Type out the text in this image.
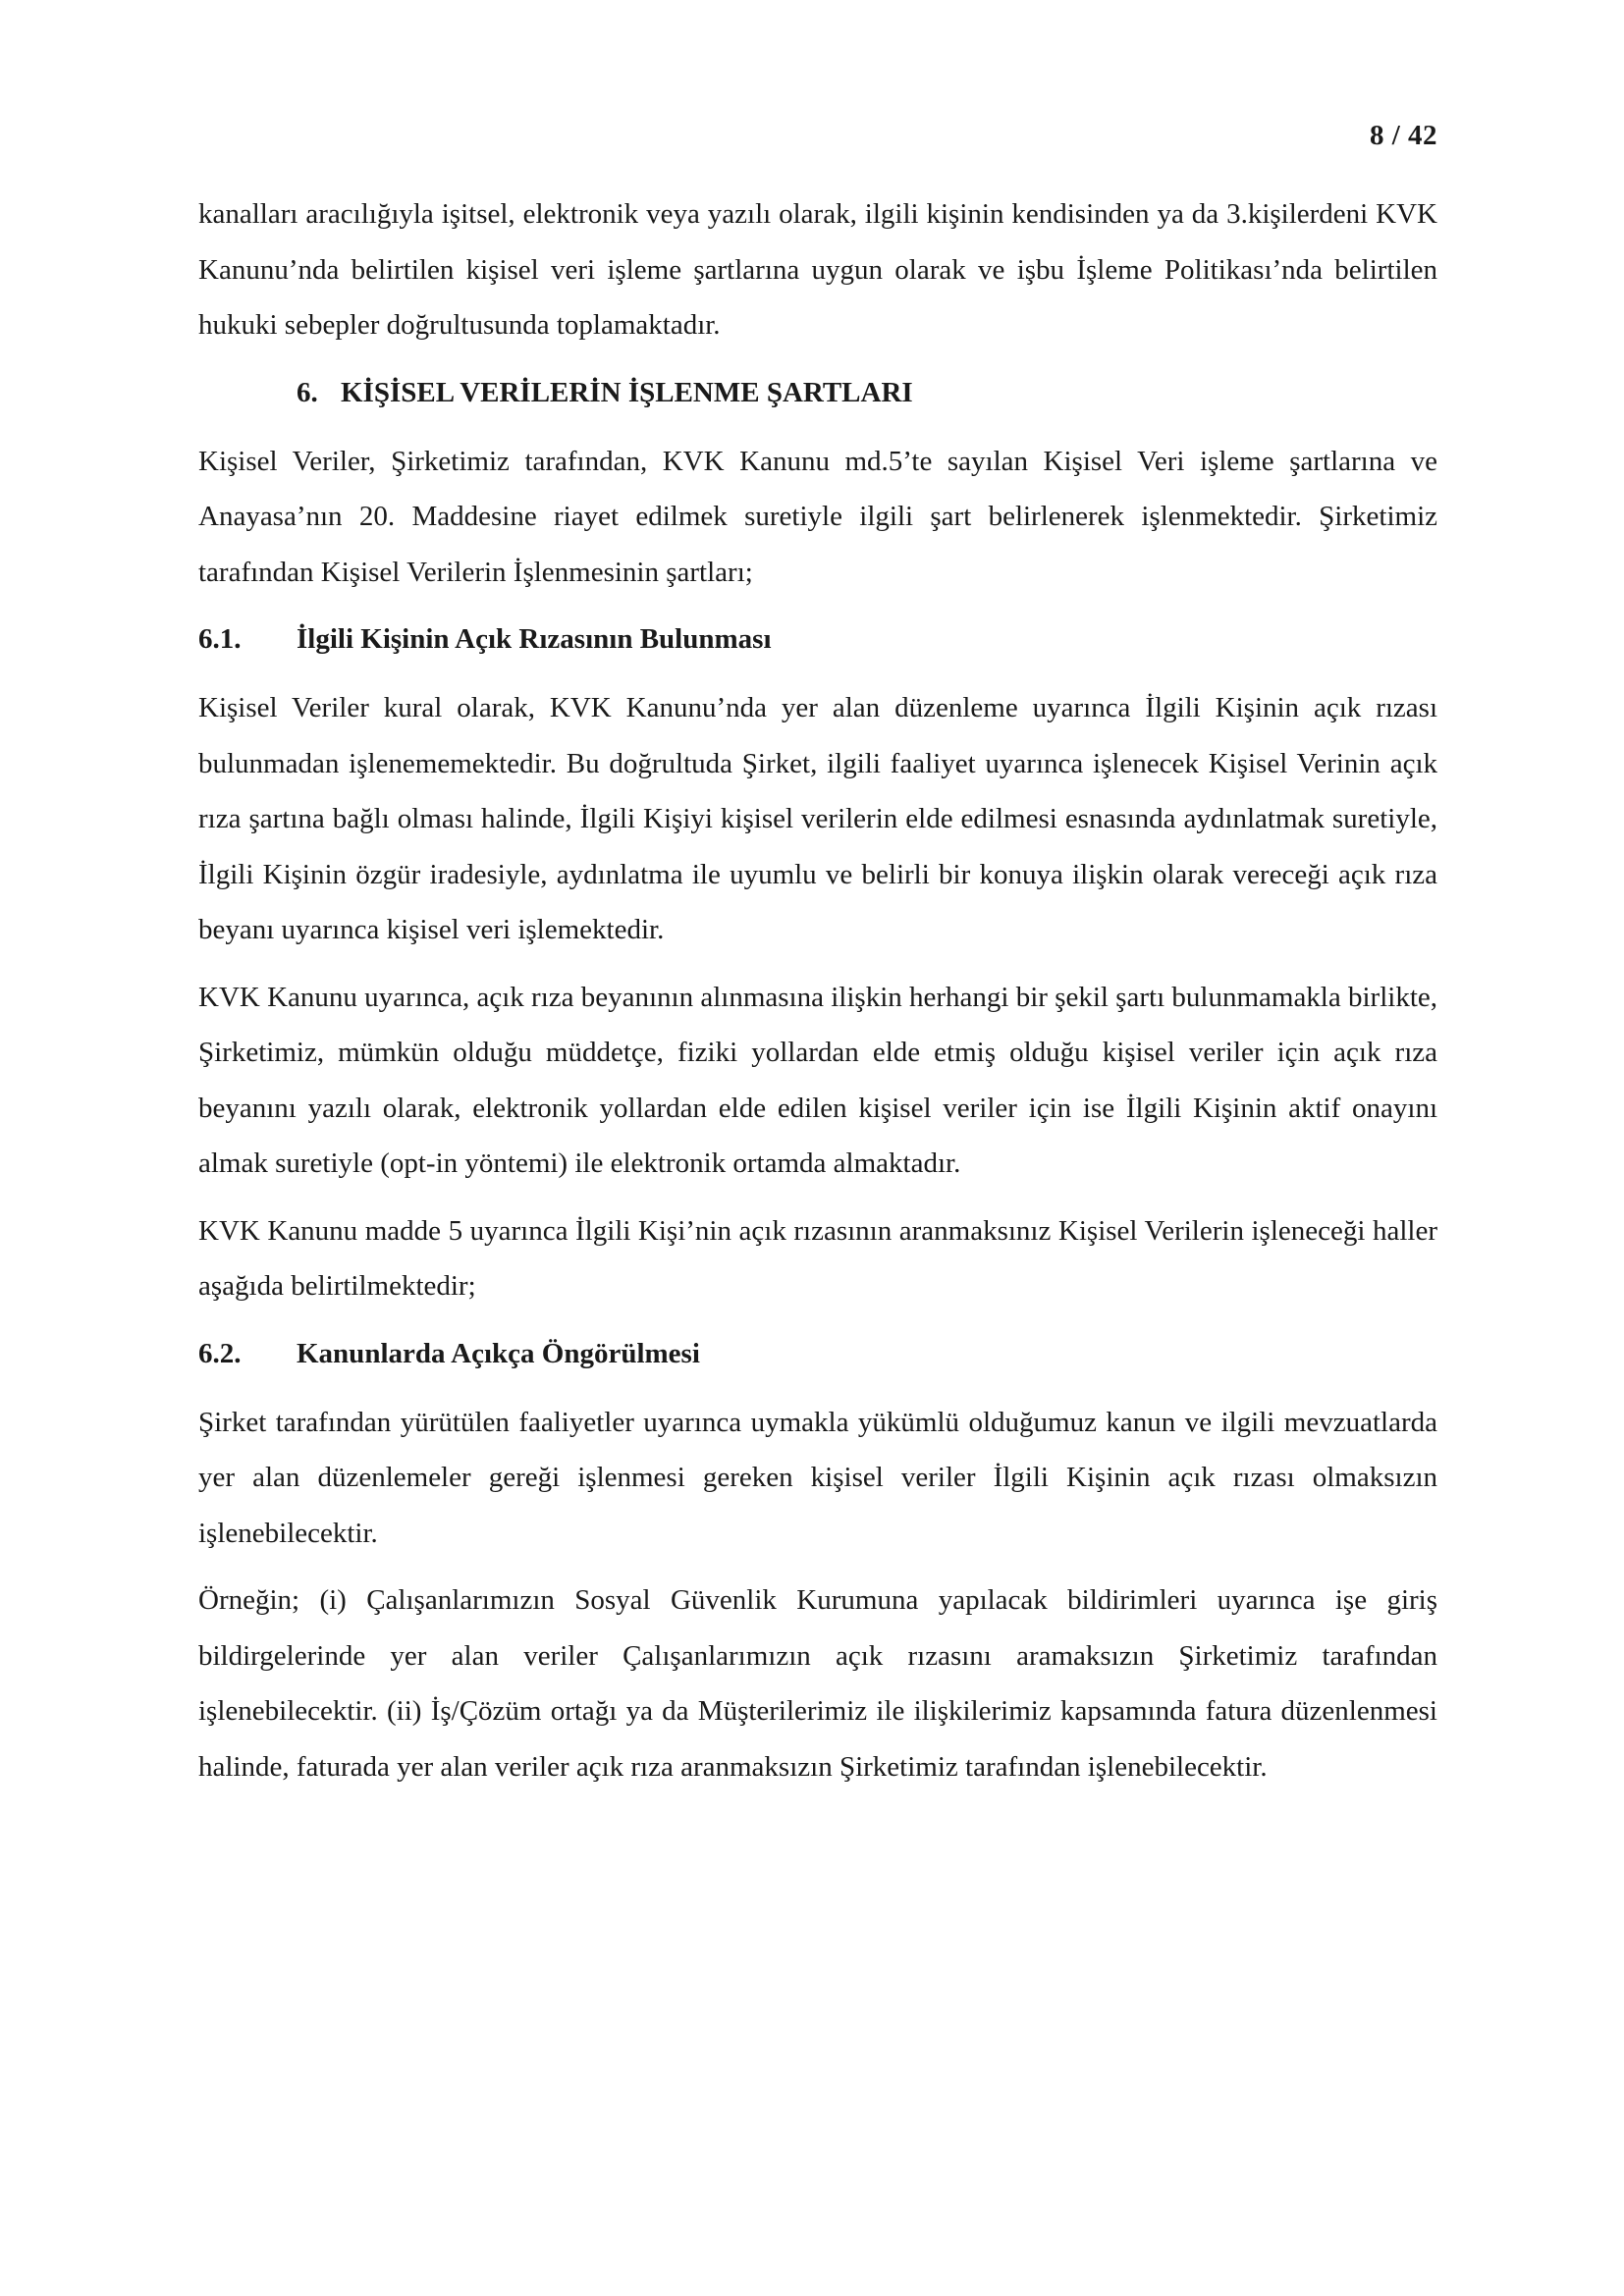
8 / 42

kanalları aracılığıyla işitsel, elektronik veya yazılı olarak, ilgili kişinin kendisinden ya da 3.kişilerdeni KVK Kanunu’nda belirtilen kişisel veri işleme şartlarına uygun olarak ve işbu İşleme Politikası’nda belirtilen hukuki sebepler doğrultusunda toplamaktadır.

6. KİŞİSEL VERİLERİN İŞLENME ŞARTLARI

Kişisel Veriler, Şirketimiz tarafından, KVK Kanunu md.5’te sayılan Kişisel Veri işleme şartlarına ve Anayasa’nın 20. Maddesine riayet edilmek suretiyle ilgili şart belirlenerek işlenmektedir. Şirketimiz tarafından Kişisel Verilerin İşlenmesinin şartları;

6.1. İlgili Kişinin Açık Rızasının Bulunması

Kişisel Veriler kural olarak, KVK Kanunu’nda yer alan düzenleme uyarınca İlgili Kişinin açık rızası bulunmadan işlenememektedir. Bu doğrultuda Şirket, ilgili faaliyet uyarınca işlenecek Kişisel Verinin açık rıza şartına bağlı olması halinde, İlgili Kişiyi kişisel verilerin elde edilmesi esnasında aydınlatmak suretiyle, İlgili Kişinin özgür iradesiyle, aydınlatma ile uyumlu ve belirli bir konuya ilişkin olarak vereceği açık rıza beyanı uyarınca kişisel veri işlemektedir.

KVK Kanunu uyarınca, açık rıza beyanının alınmasına ilişkin herhangi bir şekil şartı bulunmamakla birlikte, Şirketimiz, mümkün olduğu müddetçe, fiziki yollardan elde etmiş olduğu kişisel veriler için açık rıza beyanını yazılı olarak, elektronik yollardan elde edilen kişisel veriler için ise İlgili Kişinin aktif onayını almak suretiyle (opt-in yöntemi) ile elektronik ortamda almaktadır.

KVK Kanunu madde 5 uyarınca İlgili Kişi’nin açık rızasının aranmaksınız Kişisel Verilerin işleneceği haller aşağıda belirtilmektedir;

6.2. Kanunlarda Açıkça Öngörülmesi

Şirket tarafından yürütülen faaliyetler uyarınca uymakla yükümlü olduğumuz kanun ve ilgili mevzuatlarda yer alan düzenlemeler gereği işlenmesi gereken kişisel veriler İlgili Kişinin açık rızası olmaksızın işlenebilecektir.

Örneğin; (i) Çalışanlarımızın Sosyal Güvenlik Kurumuna yapılacak bildirimleri uyarınca işe giriş bildirgelerinde yer alan veriler Çalışanlarımızın açık rızasını aramaksızın Şirketimiz tarafından işlenebilecektir. (ii) İş/Çözüm ortağı ya da Müşterilerimiz ile ilişkilerimiz kapsamında fatura düzenlenmesi halinde, faturada yer alan veriler açık rıza aranmaksızın Şirketimiz tarafından işlenebilecektir.
